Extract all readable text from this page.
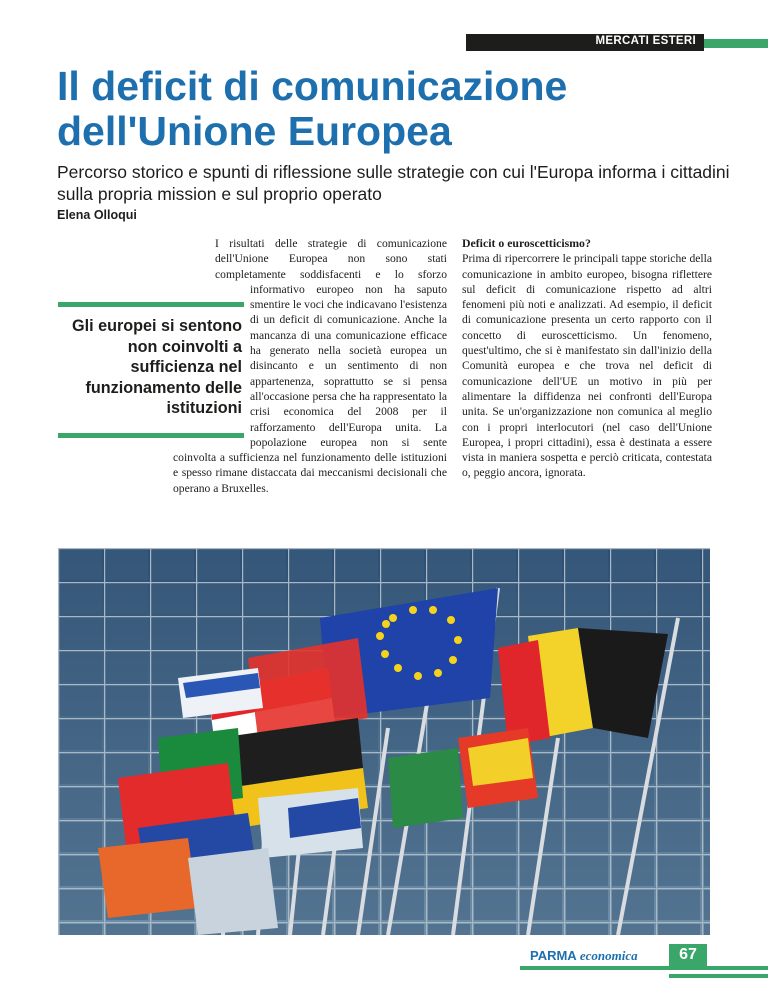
MERCATI ESTERI
Il deficit di comunicazione dell'Unione Europea

Percorso storico e spunti di riflessione sulle strategie con cui l'Europa informa i cittadini sulla propria mission e sul proprio operato

Elena Olloqui

Gli europei si sentono non coinvolti a sufficienza nel funzionamento delle istituzioni

I risultati delle strategie di comunicazione dell'Unione Europea non sono stati completamente soddisfacenti e lo sforzo informativo europeo non ha saputo smentire le voci che indicavano l'esistenza di un deficit di comunicazione. Anche la mancanza di una comunicazione efficace ha generato nella società europea un disincanto e un sentimento di non appartenenza, soprattutto se si pensa all'occasione persa che ha rappresentato la crisi economica del 2008 per il rafforzamento dell'Europa unita. La popolazione europea non si sente coinvolta a sufficienza nel funzionamento delle istituzioni e spesso rimane distaccata dai meccanismi decisionali che operano a Bruxelles.

Deficit o euroscetticismo?

Prima di ripercorrere le principali tappe storiche della comunicazione in ambito europeo, bisogna riflettere sul deficit di comunicazione rispetto ad altri fenomeni più noti e analizzati. Ad esempio, il deficit di comunicazione presenta un certo rapporto con il concetto di euroscetticismo. Un fenomeno, quest'ultimo, che si è manifestato sin dall'inizio della Comunità europea e che trova nel deficit di comunicazione dell'UE un motivo in più per alimentare la diffidenza nei confronti dell'Europa unita. Se un'organizzazione non comunica al meglio con i propri interlocutori (nel caso dell'Unione Europea, i propri cittadini), essa è destinata a essere vista in maniera sospetta e perciò criticata, contestata o, peggio ancora, ignorata.

PARMA economica	67
